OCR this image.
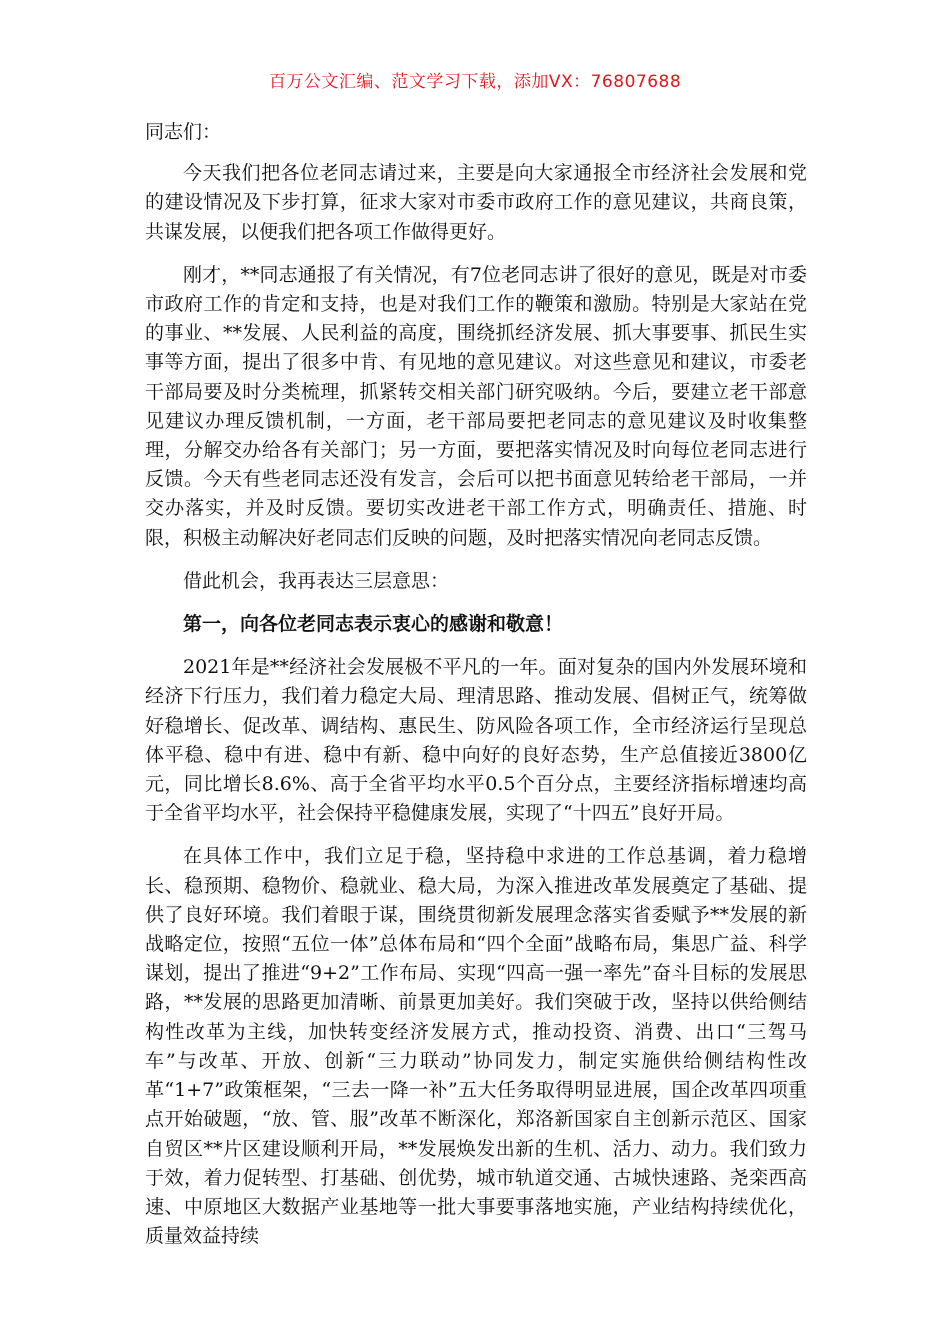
百万公文汇编、范文学习下载，添加VX：76807688

同志们：

今天我们把各位老同志请过来，主要是向大家通报全市经济社会发展和党的建设情况及下步打算，征求大家对市委市政府工作的意见建议，共商良策，共谋发展，以便我们把各项工作做得更好。

刚才，**同志通报了有关情况，有7位老同志讲了很好的意见，既是对市委市政府工作的肯定和支持，也是对我们工作的鞭策和激励。特别是大家站在党的事业、**发展、人民利益的高度，围绕抓经济发展、抓大事要事、抓民生实事等方面，提出了很多中肯、有见地的意见建议。对这些意见和建议，市委老干部局要及时分类梳理，抓紧转交相关部门研究吸纳。今后，要建立老干部意见建议办理反馈机制，一方面，老干部局要把老同志的意见建议及时收集整理，分解交办给各有关部门；另一方面，要把落实情况及时向每位老同志进行反馈。今天有些老同志还没有发言，会后可以把书面意见转给老干部局，一并交办落实，并及时反馈。要切实改进老干部工作方式，明确责任、措施、时限，积极主动解决好老同志们反映的问题，及时把落实情况向老同志反馈。

借此机会，我再表达三层意思：

第一，向各位老同志表示衷心的感谢和敬意！

2021年是**经济社会发展极不平凡的一年。面对复杂的国内外发展环境和经济下行压力，我们着力稳定大局、理清思路、推动发展、倡树正气，统筹做好稳增长、促改革、调结构、惠民生、防风险各项工作，全市经济运行呈现总体平稳、稳中有进、稳中有新、稳中向好的良好态势，生产总值接近3800亿元，同比增长8.6%、高于全省平均水平0.5个百分点，主要经济指标增速均高于全省平均水平，社会保持平稳健康发展，实现了“十四五”良好开局。

在具体工作中，我们立足于稳，坚持稳中求进的工作总基调，着力稳增长、稳预期、稳物价、稳就业、稳大局，为深入推进改革发展奠定了基础、提供了良好环境。我们着眼于谋，围绕贯彻新发展理念落实省委赋予**发展的新战略定位，按照“五位一体”总体布局和“四个全面”战略布局，集思广益、科学谋划，提出了推进“9+2”工作布局、实现“四高一强一率先”奋斗目标的发展思路，**发展的思路更加清晰、前景更加美好。我们突破于改，坚持以供给侧结构性改革为主线，加快转变经济发展方式，推动投资、消费、出口“三驾马车”与改革、开放、创新“三力联动”协同发力，制定实施供给侧结构性改革“1+7”政策框架，“三去一降一补”五大任务取得明显进展，国企改革四项重点开始破题，“放、管、服”改革不断深化，郑洛新国家自主创新示范区、国家自贸区**片区建设顺利开局，**发展焕发出新的生机、活力、动力。我们致力于效，着力促转型、打基础、创优势，城市轨道交通、古城快速路、尧栾西高速、中原地区大数据产业基地等一批大事要事落地实施，产业结构持续优化，质量效益持续
